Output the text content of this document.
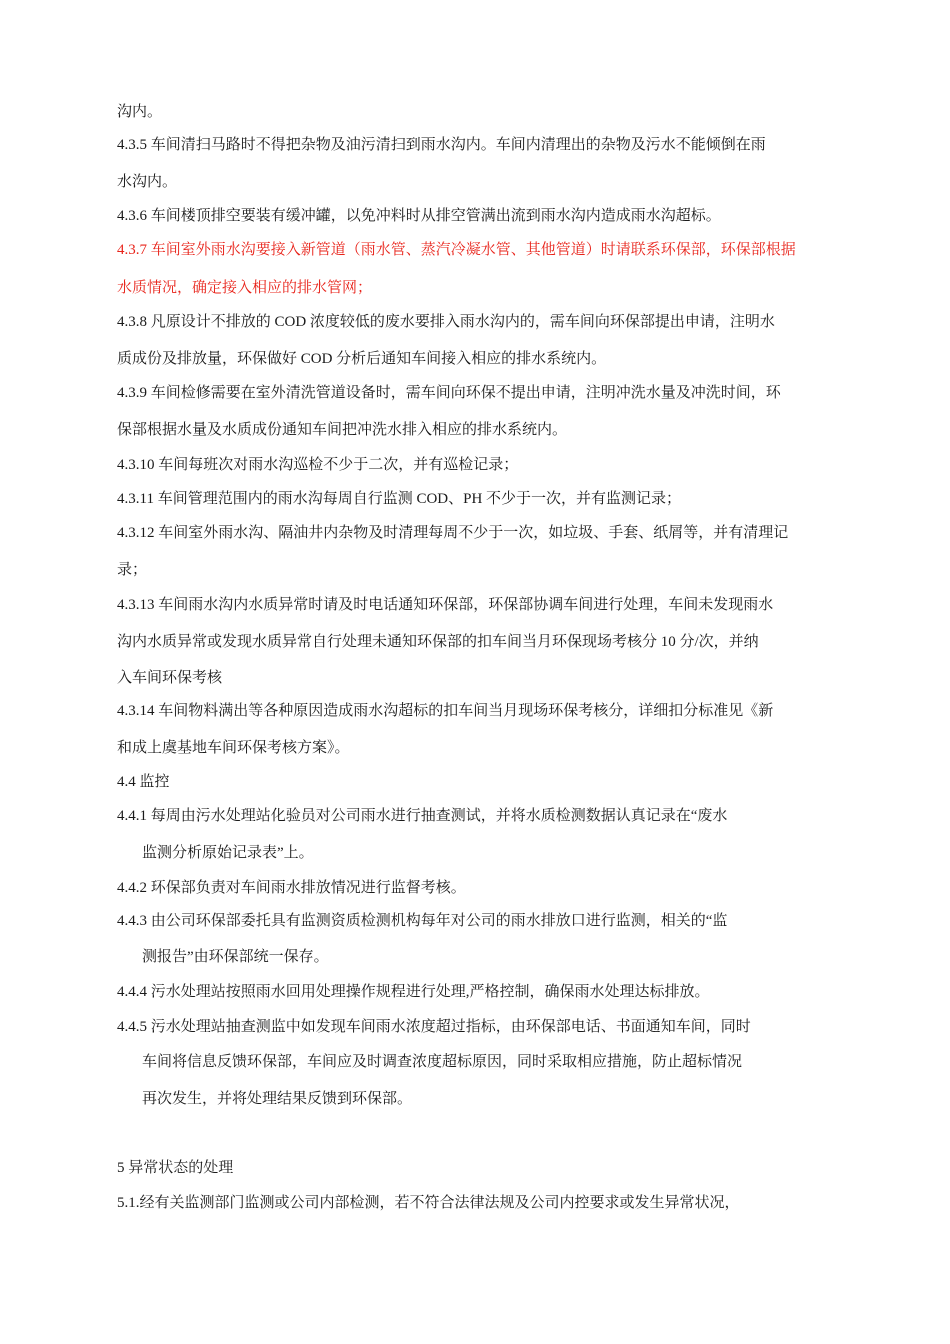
沟内。
4.3.5 车间清扫马路时不得把杂物及油污清扫到雨水沟内。车间内清理出的杂物及污水不能倾倒在雨
水沟内。
4.3.6 车间楼顶排空要装有缓冲罐，以免冲料时从排空管满出流到雨水沟内造成雨水沟超标。
4.3.7 车间室外雨水沟要接入新管道（雨水管、蒸汽冷凝水管、其他管道）时请联系环保部，环保部根据
水质情况，确定接入相应的排水管网；
4.3.8 凡原设计不排放的 COD 浓度较低的废水要排入雨水沟内的，需车间向环保部提出申请，注明水
质成份及排放量，环保做好 COD 分析后通知车间接入相应的排水系统内。
4.3.9 车间检修需要在室外清洗管道设备时，需车间向环保不提出申请，注明冲洗水量及冲洗时间，环
保部根据水量及水质成份通知车间把冲洗水排入相应的排水系统内。
4.3.10 车间每班次对雨水沟巡检不少于二次，并有巡检记录；
4.3.11 车间管理范围内的雨水沟每周自行监测 COD、PH 不少于一次，并有监测记录；
4.3.12 车间室外雨水沟、隔油井内杂物及时清理每周不少于一次，如垃圾、手套、纸屑等，并有清理记
录；
4.3.13 车间雨水沟内水质异常时请及时电话通知环保部，环保部协调车间进行处理，车间未发现雨水
沟内水质异常或发现水质异常自行处理未通知环保部的扣车间当月环保现场考核分 10 分/次，并纳
入车间环保考核
4.3.14 车间物料满出等各种原因造成雨水沟超标的扣车间当月现场环保考核分，详细扣分标准见《新
和成上虞基地车间环保考核方案》。
4.4 监控
4.4.1 每周由污水处理站化验员对公司雨水进行抽查测试，并将水质检测数据认真记录在“废水
监测分析原始记录表”上。
4.4.2 环保部负责对车间雨水排放情况进行监督考核。
4.4.3 由公司环保部委托具有监测资质检测机构每年对公司的雨水排放口进行监测，相关的“监
测报告”由环保部统一保存。
4.4.4 污水处理站按照雨水回用处理操作规程进行处理,严格控制，确保雨水处理达标排放。
4.4.5 污水处理站抽查测监中如发现车间雨水浓度超过指标，由环保部电话、书面通知车间，同时
车间将信息反馈环保部，车间应及时调查浓度超标原因，同时采取相应措施，防止超标情况
再次发生，并将处理结果反馈到环保部。
5 异常状态的处理
5.1.经有关监测部门监测或公司内部检测，若不符合法律法规及公司内控要求或发生异常状况，
